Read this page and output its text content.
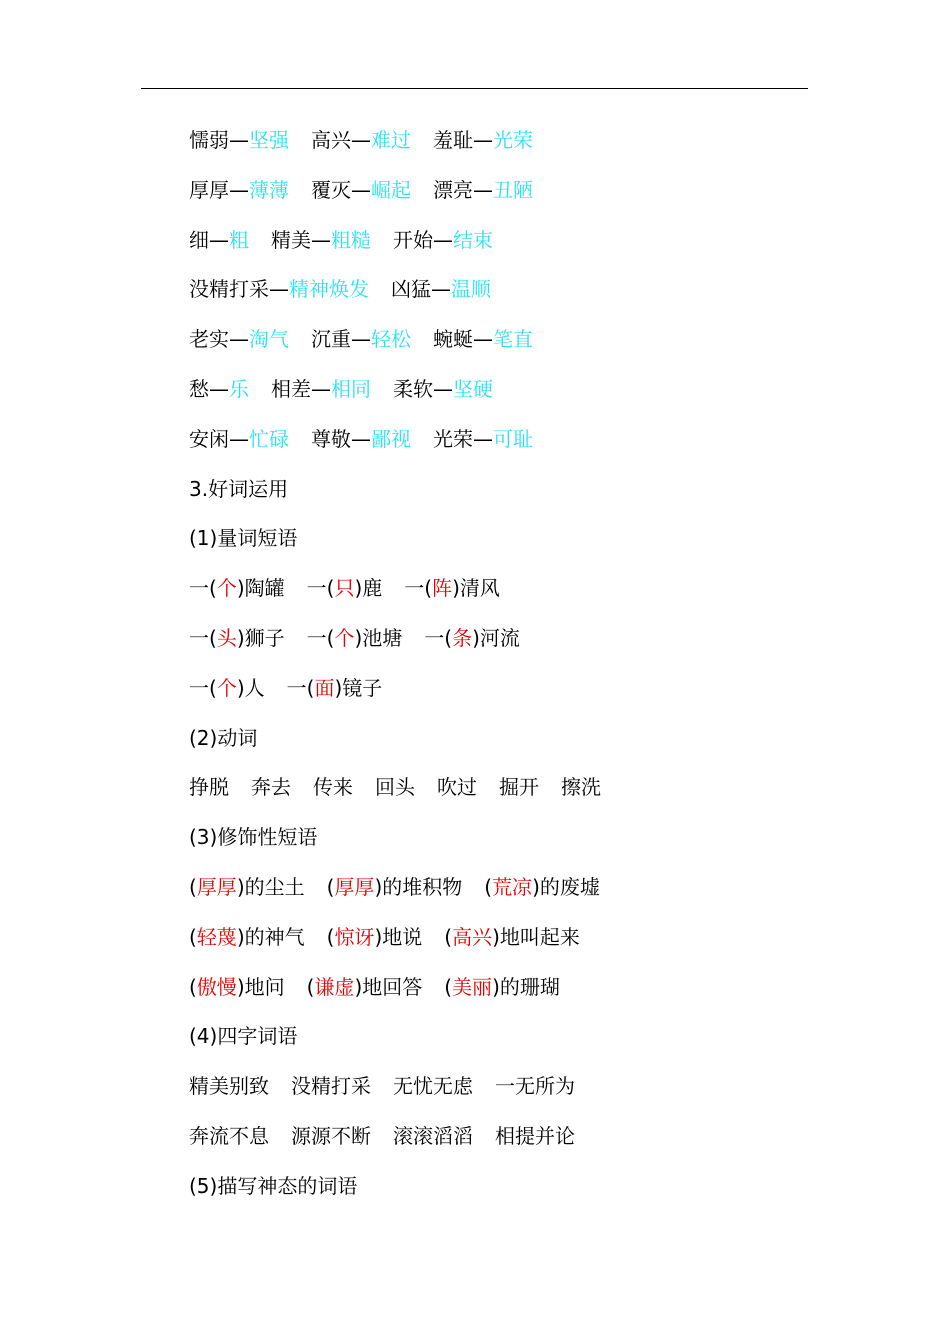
懦弱—坚强 高兴—难过 羞耻—光荣
厚厚—薄薄 覆灭—崛起 漂亮—丑陋
细—粗 精美—粗糙 开始—结束
没精打采—精神焕发 凶猛—温顺
老实—淘气 沉重—轻松 蜿蜒—笔直
愁—乐 相差—相同 柔软—坚硬
安闲—忙碌 尊敬—鄙视 光荣—可耻
3.好词运用
(1)量词短语
一(个)陶罐 一(只)鹿 一(阵)清风
一(头)狮子 一(个)池塘 一(条)河流
一(个)人 一(面)镜子
(2)动词
挣脱 奔去 传来 回头 吹过 掘开 擦洗
(3)修饰性短语
(厚厚)的尘土 (厚厚)的堆积物 (荒凉)的废墟
(轻蔑)的神气 (惊讶)地说 (高兴)地叫起来
(傲慢)地问 (谦虚)地回答 (美丽)的珊瑚
(4)四字词语
精美别致 没精打采 无忧无虑 一无所为
奔流不息 源源不断 滚滚滔滔 相提并论
(5)描写神态的词语
